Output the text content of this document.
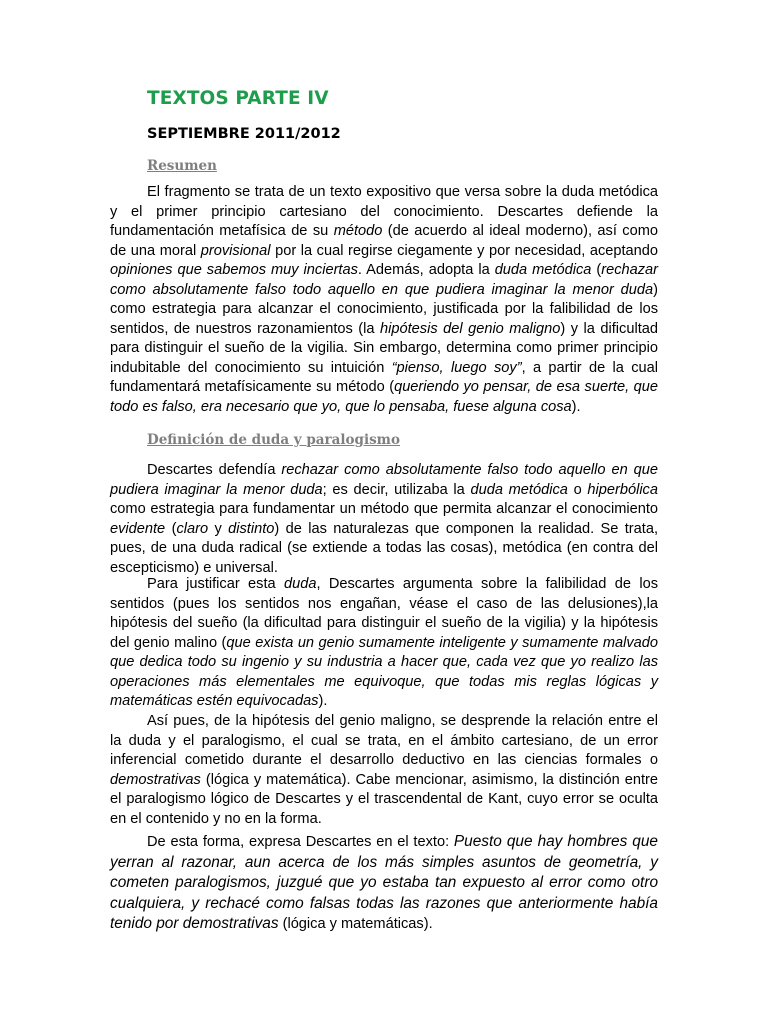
TEXTOS PARTE IV
SEPTIEMBRE 2011/2012
Resumen

El fragmento se trata de un texto expositivo que versa sobre la duda metódica y el primer principio cartesiano del conocimiento. Descartes defiende la fundamentación metafísica de su método (de acuerdo al ideal moderno), así como de una moral provisional por la cual regirse ciegamente y por necesidad, aceptando opiniones que sabemos muy inciertas. Además, adopta la duda metódica (rechazar como absolutamente falso todo aquello en que pudiera imaginar la menor duda) como estrategia para alcanzar el conocimiento, justificada por la falibilidad de los sentidos, de nuestros razonamientos (la hipótesis del genio maligno) y la dificultad para distinguir el sueño de la vigilia. Sin embargo, determina como primer principio indubitable del conocimiento su intuición “pienso, luego soy”, a partir de la cual fundamentará metafísicamente su método (queriendo yo pensar, de esa suerte, que todo es falso, era necesario que yo, que lo pensaba, fuese alguna cosa).

Definición de duda y paralogismo

Descartes defendía rechazar como absolutamente falso todo aquello en que pudiera imaginar la menor duda; es decir, utilizaba la duda metódica o hiperbólica como estrategia para fundamentar un método que permita alcanzar el conocimiento evidente (claro y distinto) de las naturalezas que componen la realidad. Se trata, pues, de una duda radical (se extiende a todas las cosas), metódica (en contra del escepticismo) e universal.

Para justificar esta duda, Descartes argumenta sobre la falibilidad de los sentidos (pues los sentidos nos engañan, véase el caso de las delusiones),la hipótesis del sueño (la dificultad para distinguir el sueño de la vigilia) y la hipótesis del genio malino (que exista un genio sumamente inteligente y sumamente malvado que dedica todo su ingenio y su industria a hacer que, cada vez que yo realizo las operaciones más elementales me equivoque, que todas mis reglas lógicas y matemáticas estén equivocadas).

Así pues, de la hipótesis del genio maligno, se desprende la relación entre el la duda y el paralogismo, el cual se trata, en el ámbito cartesiano, de un error inferencial cometido durante el desarrollo deductivo en las ciencias formales o demostrativas (lógica y matemática). Cabe mencionar, asimismo, la distinción entre el paralogismo lógico de Descartes y el trascendental de Kant, cuyo error se oculta en el contenido y no en la forma.

De esta forma, expresa Descartes en el texto: Puesto que hay hombres que yerran al razonar, aun acerca de los más simples asuntos de geometría, y cometen paralogismos, juzgué que yo estaba tan expuesto al error como otro cualquiera, y rechacé como falsas todas las razones que anteriormente había tenido por demostrativas (lógica y matemáticas).
